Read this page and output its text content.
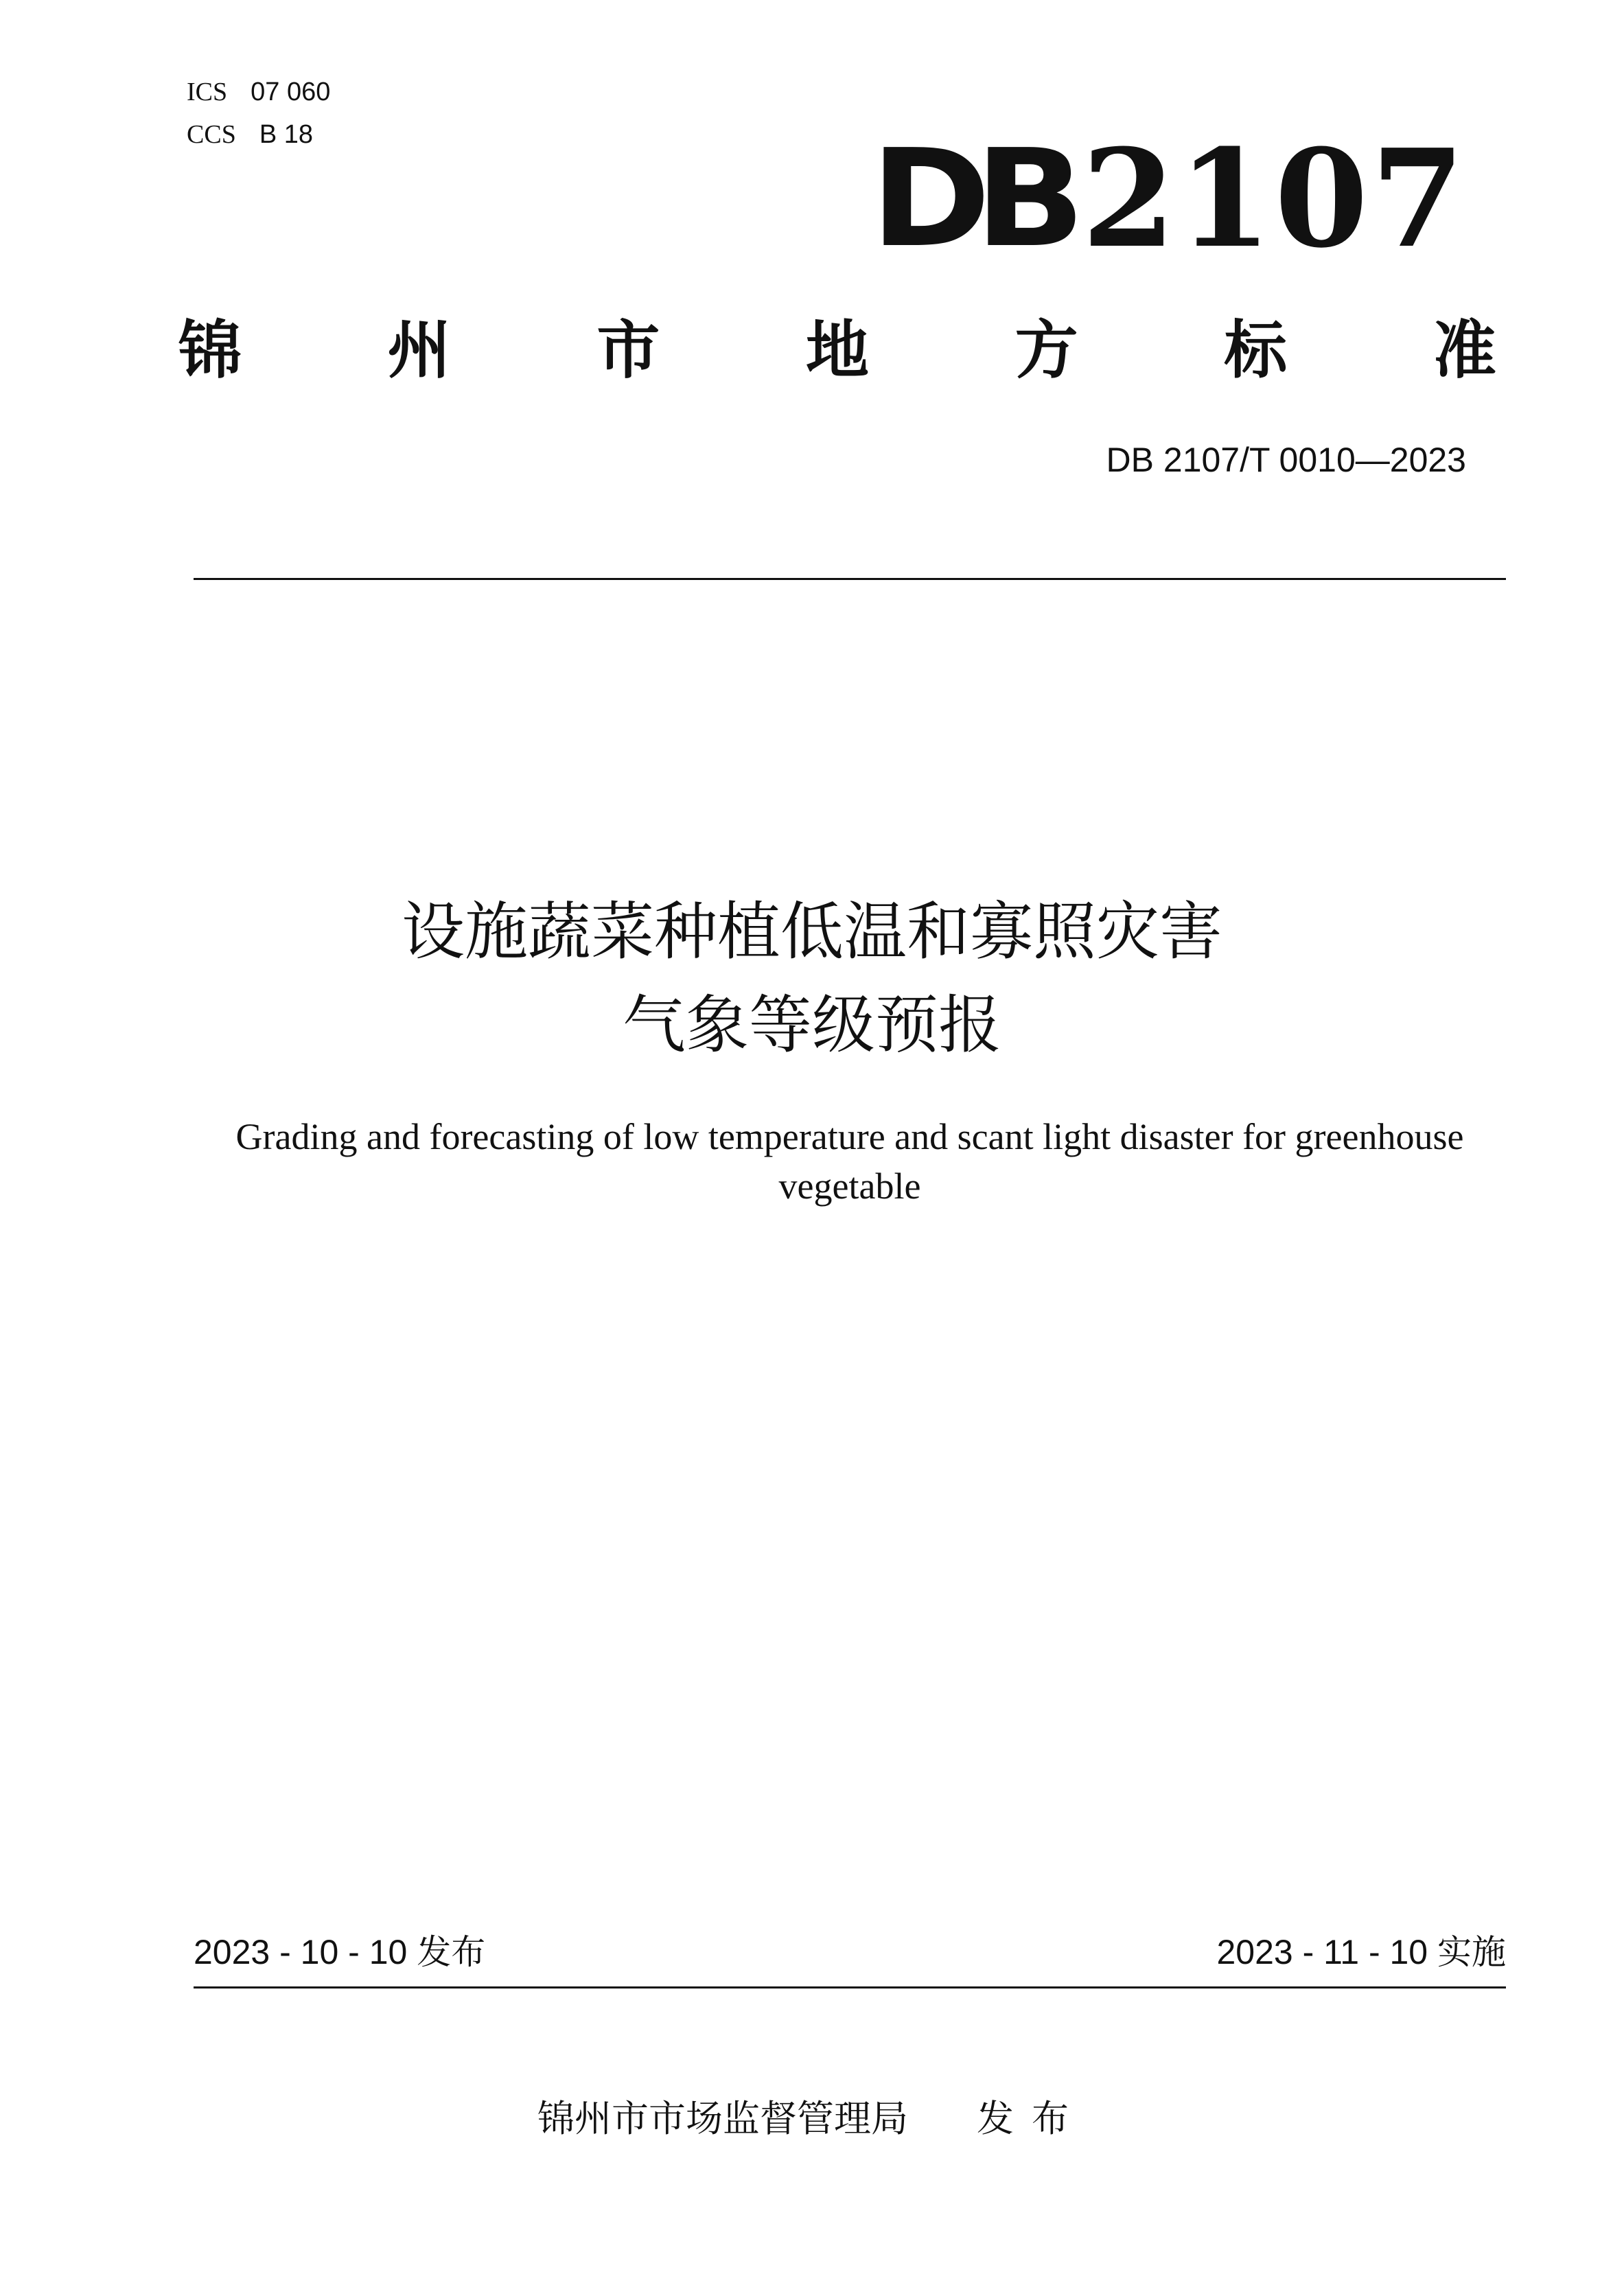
ICS 07 060
CCS B 18	DB2107
锦 州 市 地 方 标 准
DB 2107/T 0010—2023
设施蔬菜种植低温和寡照灾害
气象等级预报
Grading and forecasting of low temperature and scant light disaster for greenhouse vegetable
2023 - 10 - 10 发布	2023 - 11 - 10 实施
锦州市市场监督管理局 发布
